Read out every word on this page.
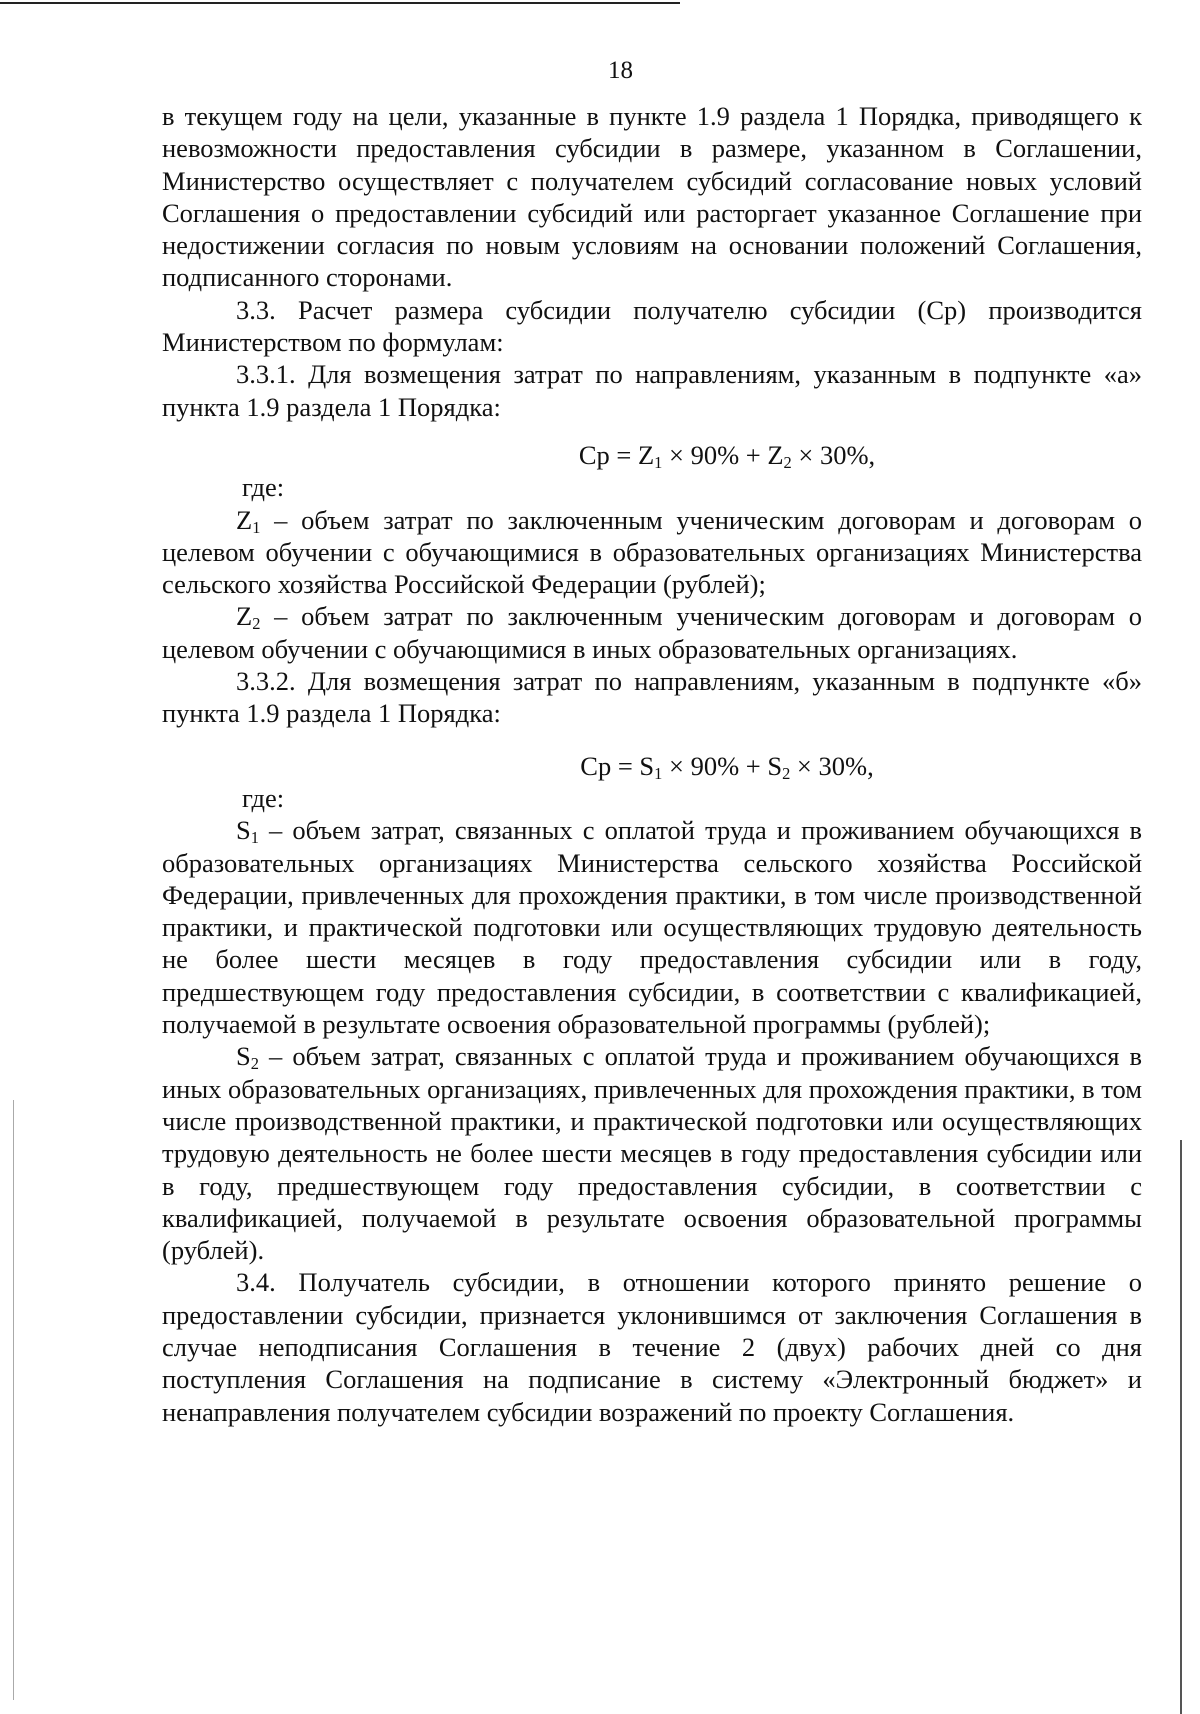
18

в текущем году на цели, указанные в пункте 1.9 раздела 1 Порядка, приводящего к невозможности предоставления субсидии в размере, указанном в Соглашении, Министерство осуществляет с получателем субсидий согласование новых условий Соглашения о предоставлении субсидий или расторгает указанное Соглашение при недостижении согласия по новым условиям на основании положений Соглашения, подписанного сторонами.

3.3. Расчет размера субсидии получателю субсидии (Ср) производится Министерством по формулам:

3.3.1. Для возмещения затрат по направлениям, указанным в подпункте «а» пункта 1.9 раздела 1 Порядка:

Ср = $Z_1 \times 90\% + Z_2 \times 30\%$,

где:

$Z_1$ – объем затрат по заключенным ученическим договорам и договорам о целевом обучении с обучающимися в образовательных организациях Министерства сельского хозяйства Российской Федерации (рублей);

$Z_2$ – объем затрат по заключенным ученическим договорам и договорам о целевом обучении с обучающимися в иных образовательных организациях.

3.3.2. Для возмещения затрат по направлениям, указанным в подпункте «б» пункта 1.9 раздела 1 Порядка:

Ср = $S_1 \times 90\% + S_2 \times 30\%$,

где:

$S_1$ – объем затрат, связанных с оплатой труда и проживанием обучающихся в образовательных организациях Министерства сельского хозяйства Российской Федерации, привлеченных для прохождения практики, в том числе производственной практики, и практической подготовки или осуществляющих трудовую деятельность не более шести месяцев в году предоставления субсидии или в году, предшествующем году предоставления субсидии, в соответствии с квалификацией, получаемой в результате освоения образовательной программы (рублей);

$S_2$ – объем затрат, связанных с оплатой труда и проживанием обучающихся в иных образовательных организациях, привлеченных для прохождения практики, в том числе производственной практики, и практической подготовки или осуществляющих трудовую деятельность не более шести месяцев в году предоставления субсидии или в году, предшествующем году предоставления субсидии, в соответствии с квалификацией, получаемой в результате освоения образовательной программы (рублей).

3.4. Получатель субсидии, в отношении которого принято решение о предоставлении субсидии, признается уклонившимся от заключения Соглашения в случае неподписания Соглашения в течение 2 (двух) рабочих дней со дня поступления Соглашения на подписание в систему «Электронный бюджет» и ненаправления получателем субсидии возражений по проекту Соглашения.
